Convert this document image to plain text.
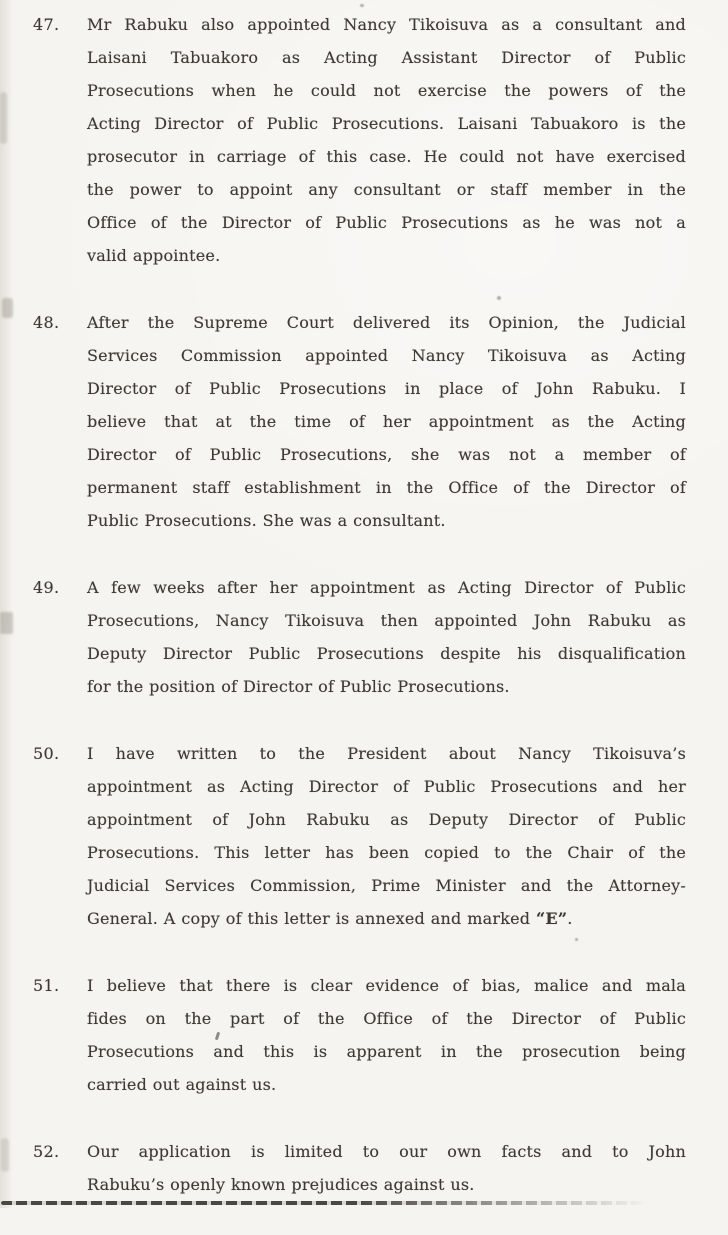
47.	Mr Rabuku also appointed Nancy Tikoisuva as a consultant and
Laisani Tabuakoro as Acting Assistant Director of Public
Prosecutions when he could not exercise the powers of the
Acting Director of Public Prosecutions. Laisani Tabuakoro is the
prosecutor in carriage of this case. He could not have exercised
the power to appoint any consultant or staff member in the
Office of the Director of Public Prosecutions as he was not a
valid appointee.
48.	After the Supreme Court delivered its Opinion, the Judicial
Services Commission appointed Nancy Tikoisuva as Acting
Director of Public Prosecutions in place of John Rabuku. I
believe that at the time of her appointment as the Acting
Director of Public Prosecutions, she was not a member of
permanent staff establishment in the Office of the Director of
Public Prosecutions. She was a consultant.
49.	A few weeks after her appointment as Acting Director of Public
Prosecutions, Nancy Tikoisuva then appointed John Rabuku as
Deputy Director Public Prosecutions despite his disqualification
for the position of Director of Public Prosecutions.
50.	I have written to the President about Nancy Tikoisuva’s
appointment as Acting Director of Public Prosecutions and her
appointment of John Rabuku as Deputy Director of Public
Prosecutions. This letter has been copied to the Chair of the
Judicial Services Commission, Prime Minister and the Attorney-
General. A copy of this letter is annexed and marked “E”.
51.	I believe that there is clear evidence of bias, malice and mala
fides on the part of the Office of the Director of Public
Prosecutions and this is apparent in the prosecution being
carried out against us.
52.	Our application is limited to our own facts and to John
Rabuku’s openly known prejudices against us.
